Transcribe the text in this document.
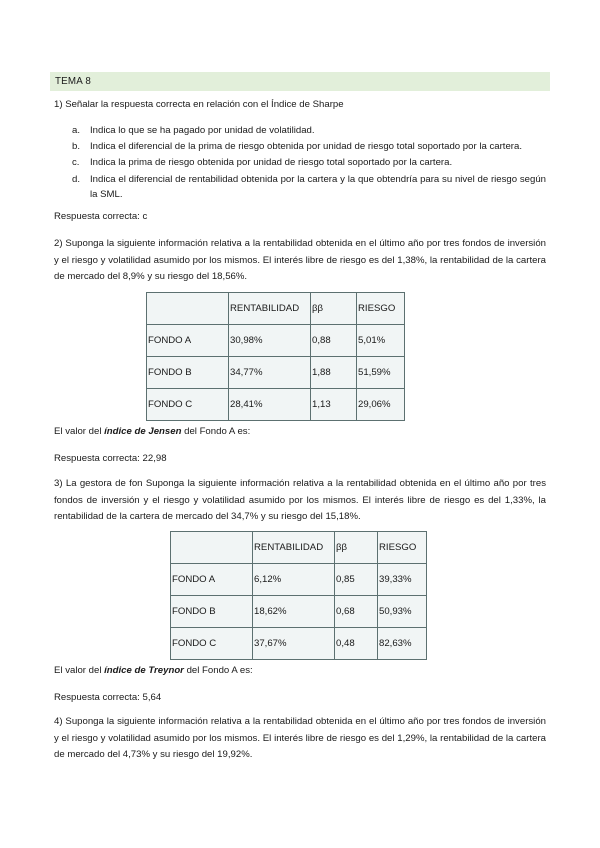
TEMA 8
1) Señalar la respuesta correcta en relación con el Índice de Sharpe
a.	Indica lo que se ha pagado por unidad de volatilidad.
b.	Indica el diferencial de la prima de riesgo obtenida por unidad de riesgo total soportado por la cartera.
c.	Indica la prima de riesgo obtenida por unidad de riesgo total soportado por la cartera.
d.	Indica el diferencial de rentabilidad obtenida por la cartera y la que obtendría para su nivel de riesgo según la SML.
Respuesta correcta: c
2) Suponga la siguiente información relativa a la rentabilidad obtenida en el último año por tres fondos de inversión y el riesgo y volatilidad asumido por los mismos. El interés libre de riesgo es del 1,38%, la rentabilidad de la cartera de mercado del 8,9% y su riesgo del 18,56%.
	RENTABILIDAD	ββ	RIESGO
FONDO A	30,98%	0,88	5,01%
FONDO B	34,77%	1,88	51,59%
FONDO C	28,41%	1,13	29,06%
El valor del índice de Jensen del Fondo A es:
Respuesta correcta: 22,98
3) La gestora de fon Suponga la siguiente información relativa a la rentabilidad obtenida en el último año por tres fondos de inversión y el riesgo y volatilidad asumido por los mismos. El interés libre de riesgo es del 1,33%, la rentabilidad de la cartera de mercado del 34,7% y su riesgo del 15,18%.
	RENTABILIDAD	ββ	RIESGO
FONDO A	6,12%	0,85	39,33%
FONDO B	18,62%	0,68	50,93%
FONDO C	37,67%	0,48	82,63%
El valor del índice de Treynor del Fondo A es:
Respuesta correcta: 5,64
4) Suponga la siguiente información relativa a la rentabilidad obtenida en el último año por tres fondos de inversión y el riesgo y volatilidad asumido por los mismos. El interés libre de riesgo es del 1,29%, la rentabilidad de la cartera de mercado del 4,73% y su riesgo del 19,92%.
